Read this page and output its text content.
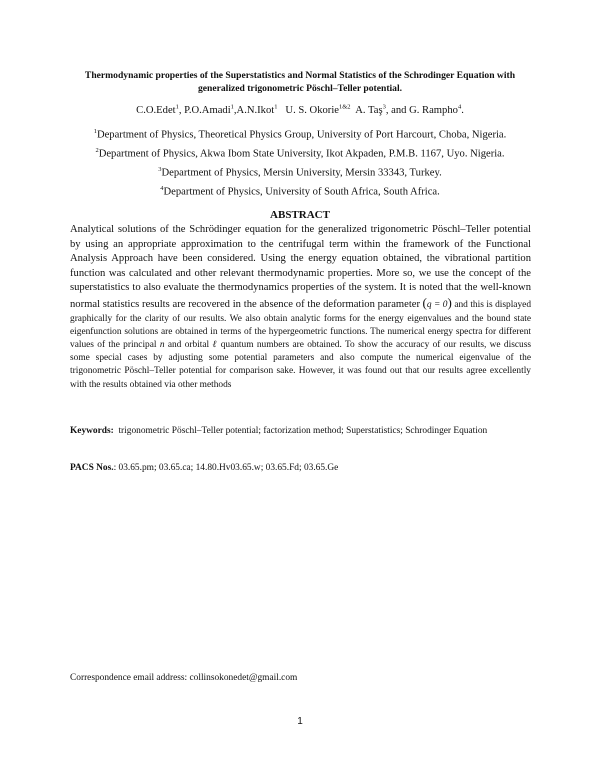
Thermodynamic properties of the Superstatistics and Normal Statistics of the Schrodinger Equation with generalized trigonometric Pöschl–Teller potential.
C.O.Edet$^1$, P.O.Amadi$^1$,A.N.Ikot$^1$ U. S. Okorie$^{1\&2}$ A. Taş$^3$, and G. Rampho$^4$.
$^1$Department of Physics, Theoretical Physics Group, University of Port Harcourt, Choba, Nigeria.
$^2$Department of Physics, Akwa Ibom State University, Ikot Akpaden, P.M.B. 1167, Uyo. Nigeria.
$^3$Department of Physics, Mersin University, Mersin 33343, Turkey.
$^4$Department of Physics, University of South Africa, South Africa.
ABSTRACT

Analytical solutions of the Schrödinger equation for the generalized trigonometric Pöschl–Teller potential by using an appropriate approximation to the centrifugal term within the framework of the Functional Analysis Approach have been considered. Using the energy equation obtained, the vibrational partition function was calculated and other relevant thermodynamic properties. More so, we use the concept of the superstatistics to also evaluate the thermodynamics properties of the system. It is noted that the well-known normal statistics results are recovered in the absence of the deformation parameter (q = 0) and this is displayed graphically for the clarity of our results. We also obtain analytic forms for the energy eigenvalues and the bound state eigenfunction solutions are obtained in terms of the hypergeometric functions. The numerical energy spectra for different values of the principal n and orbital ℓ quantum numbers are obtained. To show the accuracy of our results, we discuss some special cases by adjusting some potential parameters and also compute the numerical eigenvalue of the trigonometric Pöschl–Teller potential for comparison sake. However, it was found out that our results agree excellently with the results obtained via other methods

Keywords:  trigonometric Pöschl–Teller potential; factorization method; Superstatistics; Schrodinger Equation
PACS Nos.: 03.65.pm; 03.65.ca; 14.80.Hv03.65.w; 03.65.Fd; 03.65.Ge
Correspondence email address: collinsokonedet@gmail.com
1
